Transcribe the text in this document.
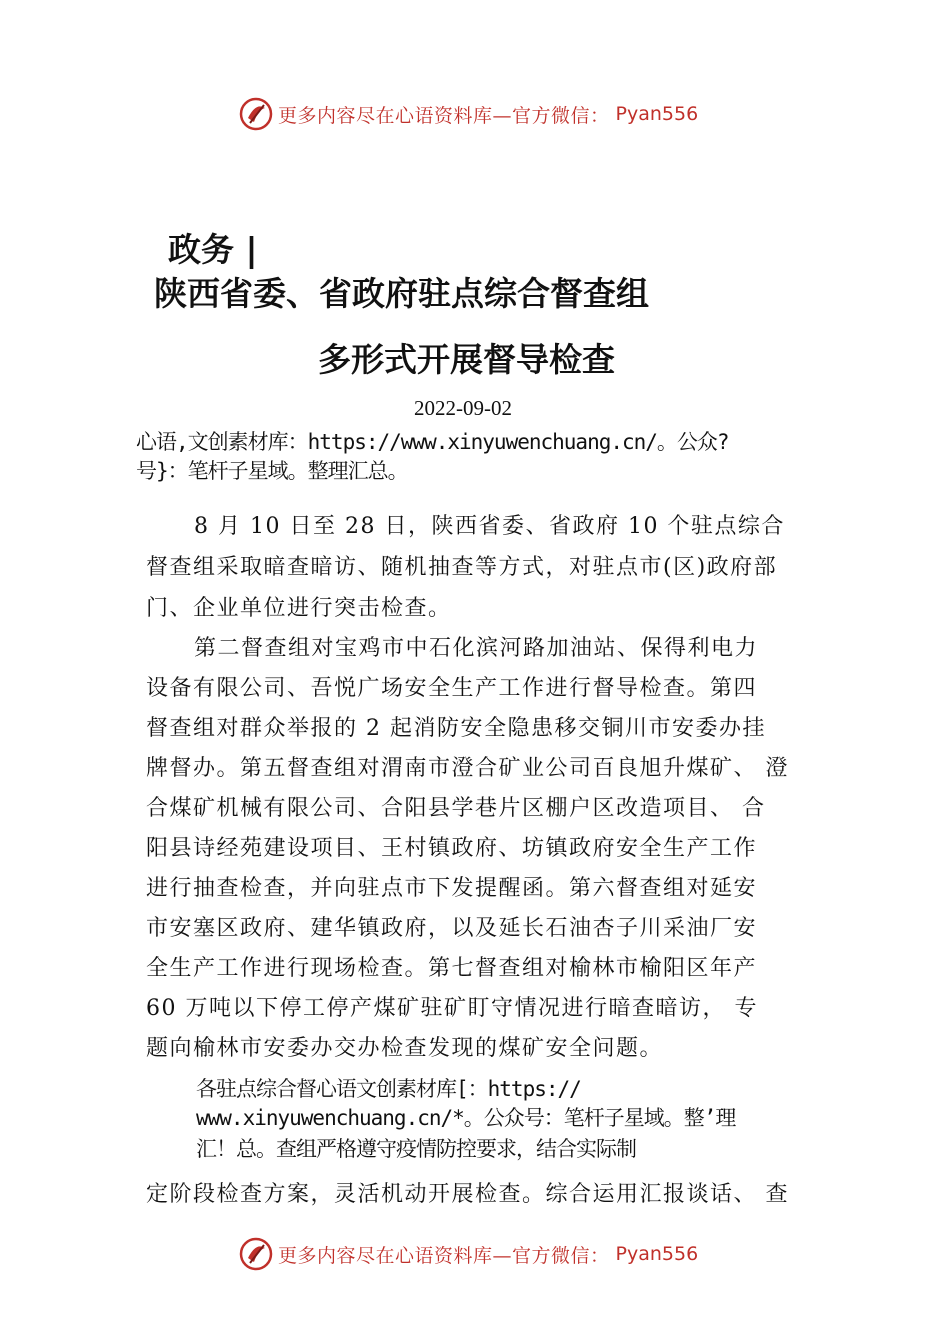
更多内容尽在心语资料库—官方微信： Pyan556
政务 |
陕西省委、省政府驻点综合督查组
多形式开展督导检查
2022-09-02
心语,文创素材库：https://www.xinyuwenchuang.cn/。公众?
号}：笔杆子星域。整理汇总。
8 月 10 日至 28 日，陕西省委、省政府 10 个驻点综合
督查组采取暗查暗访、随机抽查等方式，对驻点市(区)政府部
门、企业单位进行突击检查。
第二督查组对宝鸡市中石化滨河路加油站、保得利电力
设备有限公司、吾悦广场安全生产工作进行督导检查。第四
督查组对群众举报的 2 起消防安全隐患移交铜川市安委办挂
牌督办。第五督查组对渭南市澄合矿业公司百良旭升煤矿、 澄
合煤矿机械有限公司、合阳县学巷片区棚户区改造项目、 合
阳县诗经苑建设项目、王村镇政府、坊镇政府安全生产工作
进行抽查检查，并向驻点市下发提醒函。第六督查组对延安
市安塞区政府、建华镇政府，以及延长石油杏子川采油厂安
全生产工作进行现场检查。第七督查组对榆林市榆阳区年产
60 万吨以下停工停产煤矿驻矿盯守情况进行暗查暗访， 专
题向榆林市安委办交办检查发现的煤矿安全问题。
各驻点综合督心语文创素材库[：https://
www.xinyuwenchuang.cn/*。公众号：笔杆子星域。整’理
汇！总。查组严格遵守疫情防控要求，结合实际制
定阶段检查方案，灵活机动开展检查。综合运用汇报谈话、 查
更多内容尽在心语资料库—官方微信： Pyan556
